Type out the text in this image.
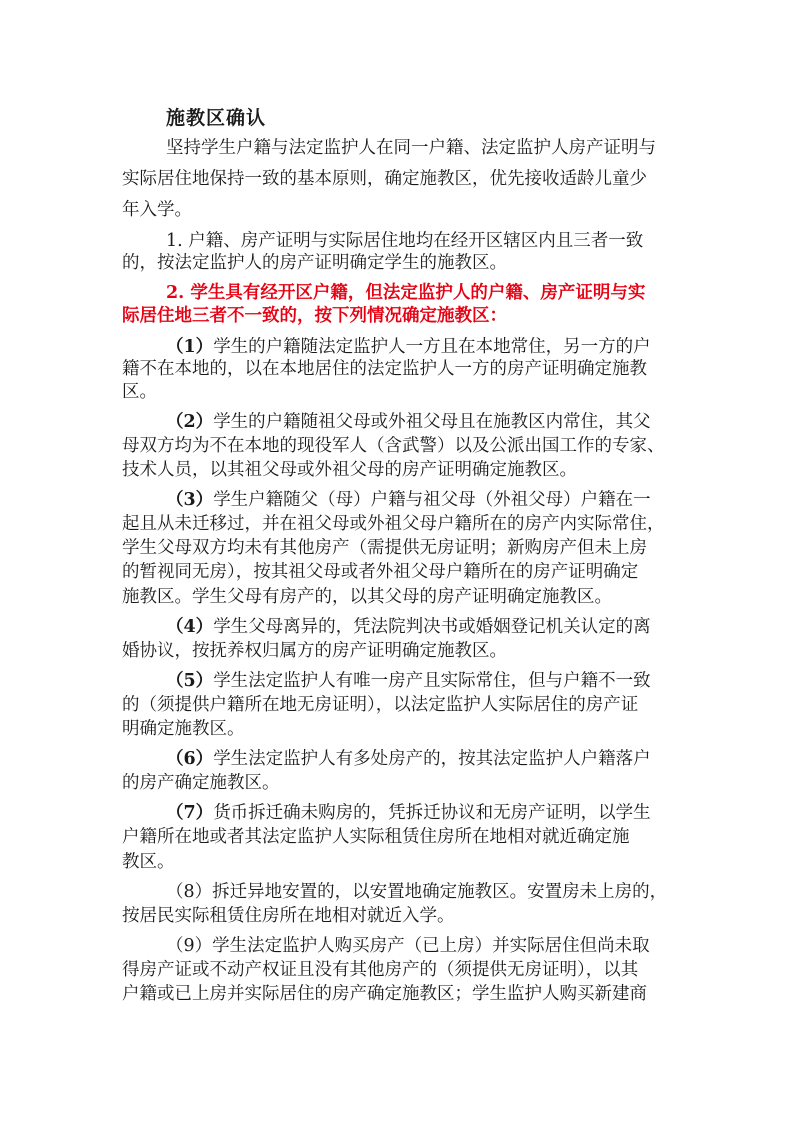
施教区确认
坚持学生户籍与法定监护人在同一户籍、法定监护人房产证明与
实际居住地保持一致的基本原则，确定施教区，优先接收适龄儿童少
年入学。
1. 户籍、房产证明与实际居住地均在经开区辖区内且三者一致
的，按法定监护人的房产证明确定学生的施教区。
2. 学生具有经开区户籍，但法定监护人的户籍、房产证明与实
际居住地三者不一致的，按下列情况确定施教区：
（1）学生的户籍随法定监护人一方且在本地常住，另一方的户
籍不在本地的，以在本地居住的法定监护人一方的房产证明确定施教
区。
（2）学生的户籍随祖父母或外祖父母且在施教区内常住，其父
母双方均为不在本地的现役军人（含武警）以及公派出国工作的专家、
技术人员，以其祖父母或外祖父母的房产证明确定施教区。
（3）学生户籍随父（母）户籍与祖父母（外祖父母）户籍在一
起且从未迁移过，并在祖父母或外祖父母户籍所在的房产内实际常住，
学生父母双方均未有其他房产（需提供无房证明；新购房产但未上房
的暂视同无房），按其祖父母或者外祖父母户籍所在的房产证明确定
施教区。学生父母有房产的，以其父母的房产证明确定施教区。
（4）学生父母离异的，凭法院判决书或婚姻登记机关认定的离
婚协议，按抚养权归属方的房产证明确定施教区。
（5）学生法定监护人有唯一房产且实际常住，但与户籍不一致
的（须提供户籍所在地无房证明），以法定监护人实际居住的房产证
明确定施教区。
（6）学生法定监护人有多处房产的，按其法定监护人户籍落户
的房产确定施教区。
（7）货币拆迁确未购房的，凭拆迁协议和无房产证明，以学生
户籍所在地或者其法定监护人实际租赁住房所在地相对就近确定施
教区。
（8）拆迁异地安置的，以安置地确定施教区。安置房未上房的，
按居民实际租赁住房所在地相对就近入学。
（9）学生法定监护人购买房产（已上房）并实际居住但尚未取
得房产证或不动产权证且没有其他房产的（须提供无房证明），以其
户籍或已上房并实际居住的房产确定施教区；学生监护人购买新建商
